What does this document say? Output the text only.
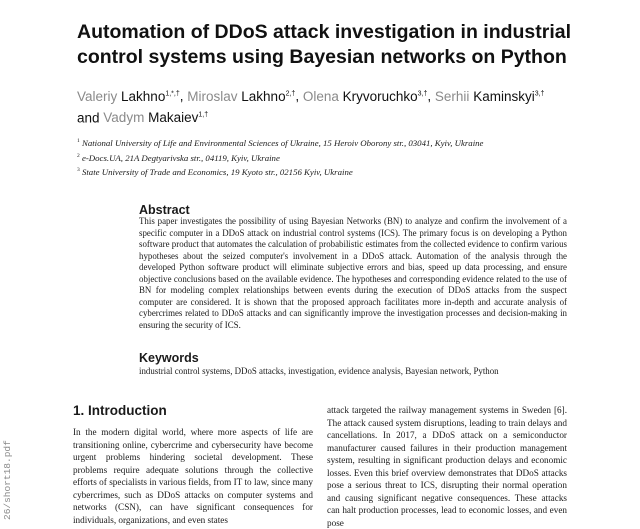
Automation of DDoS attack investigation in industrial
control systems using Bayesian networks on Python
Valeriy Lakhno$^{1,*,\dagger}$, Miroslav Lakhno$^{2,\dagger}$, Olena Kryvoruchko$^{3,\dagger}$, Serhii Kaminskyi$^{3,\dagger}$
and Vadym Makaiev$^{1,\dagger}$
$^1$ National University of Life and Environmental Sciences of Ukraine, 15 Heroiv Oborony str., 03041, Kyiv, Ukraine
$^2$ e-Docs.UA, 21A Degtyarivska str., 04119, Kyiv, Ukraine
$^3$ State University of Trade and Economics, 19 Kyoto str., 02156 Kyiv, Ukraine
Abstract
This paper investigates the possibility of using Bayesian Networks (BN) to analyze and confirm the involvement of a specific computer in a DDoS attack on industrial control systems (ICS). The primary focus is on developing a Python software product that automates the calculation of probabilistic estimates from the collected evidence to confirm various hypotheses about the seized computer's involvement in a DDoS attack. Automation of the analysis through the developed Python software product will eliminate subjective errors and bias, speed up data processing, and ensure objective conclusions based on the available evidence. The hypotheses and corresponding evidence related to the use of BN for modeling complex relationships between events during the execution of DDoS attacks from the suspect computer are considered. It is shown that the proposed approach facilitates more in-depth and accurate analysis of cybercrimes related to DDoS attacks and can significantly improve the investigation processes and decision-making in ensuring the security of ICS.
Keywords
industrial control systems, DDoS attacks, investigation, evidence analysis, Bayesian network, Python
1. Introduction
In the modern digital world, where more aspects of life are transitioning online, cybercrime and cybersecurity have become urgent problems hindering societal development. These problems require adequate solutions through the collective efforts of specialists in various fields, from IT to law, since many cybercrimes, such as DDoS attacks on computer systems and networks (CSN), can have significant consequences for individuals, organizations, and even states
attack targeted the railway management systems in Sweden [6]. The attack caused system disruptions, leading to train delays and cancellations. In 2017, a DDoS attack on a semiconductor manufacturer caused failures in their production management system, resulting in significant production delays and economic losses. Even this brief overview demonstrates that DDoS attacks pose a serious threat to ICS, disrupting their normal operation and causing significant negative consequences. These attacks can halt production processes, lead to economic losses, and even pose
26/short18.pdf
